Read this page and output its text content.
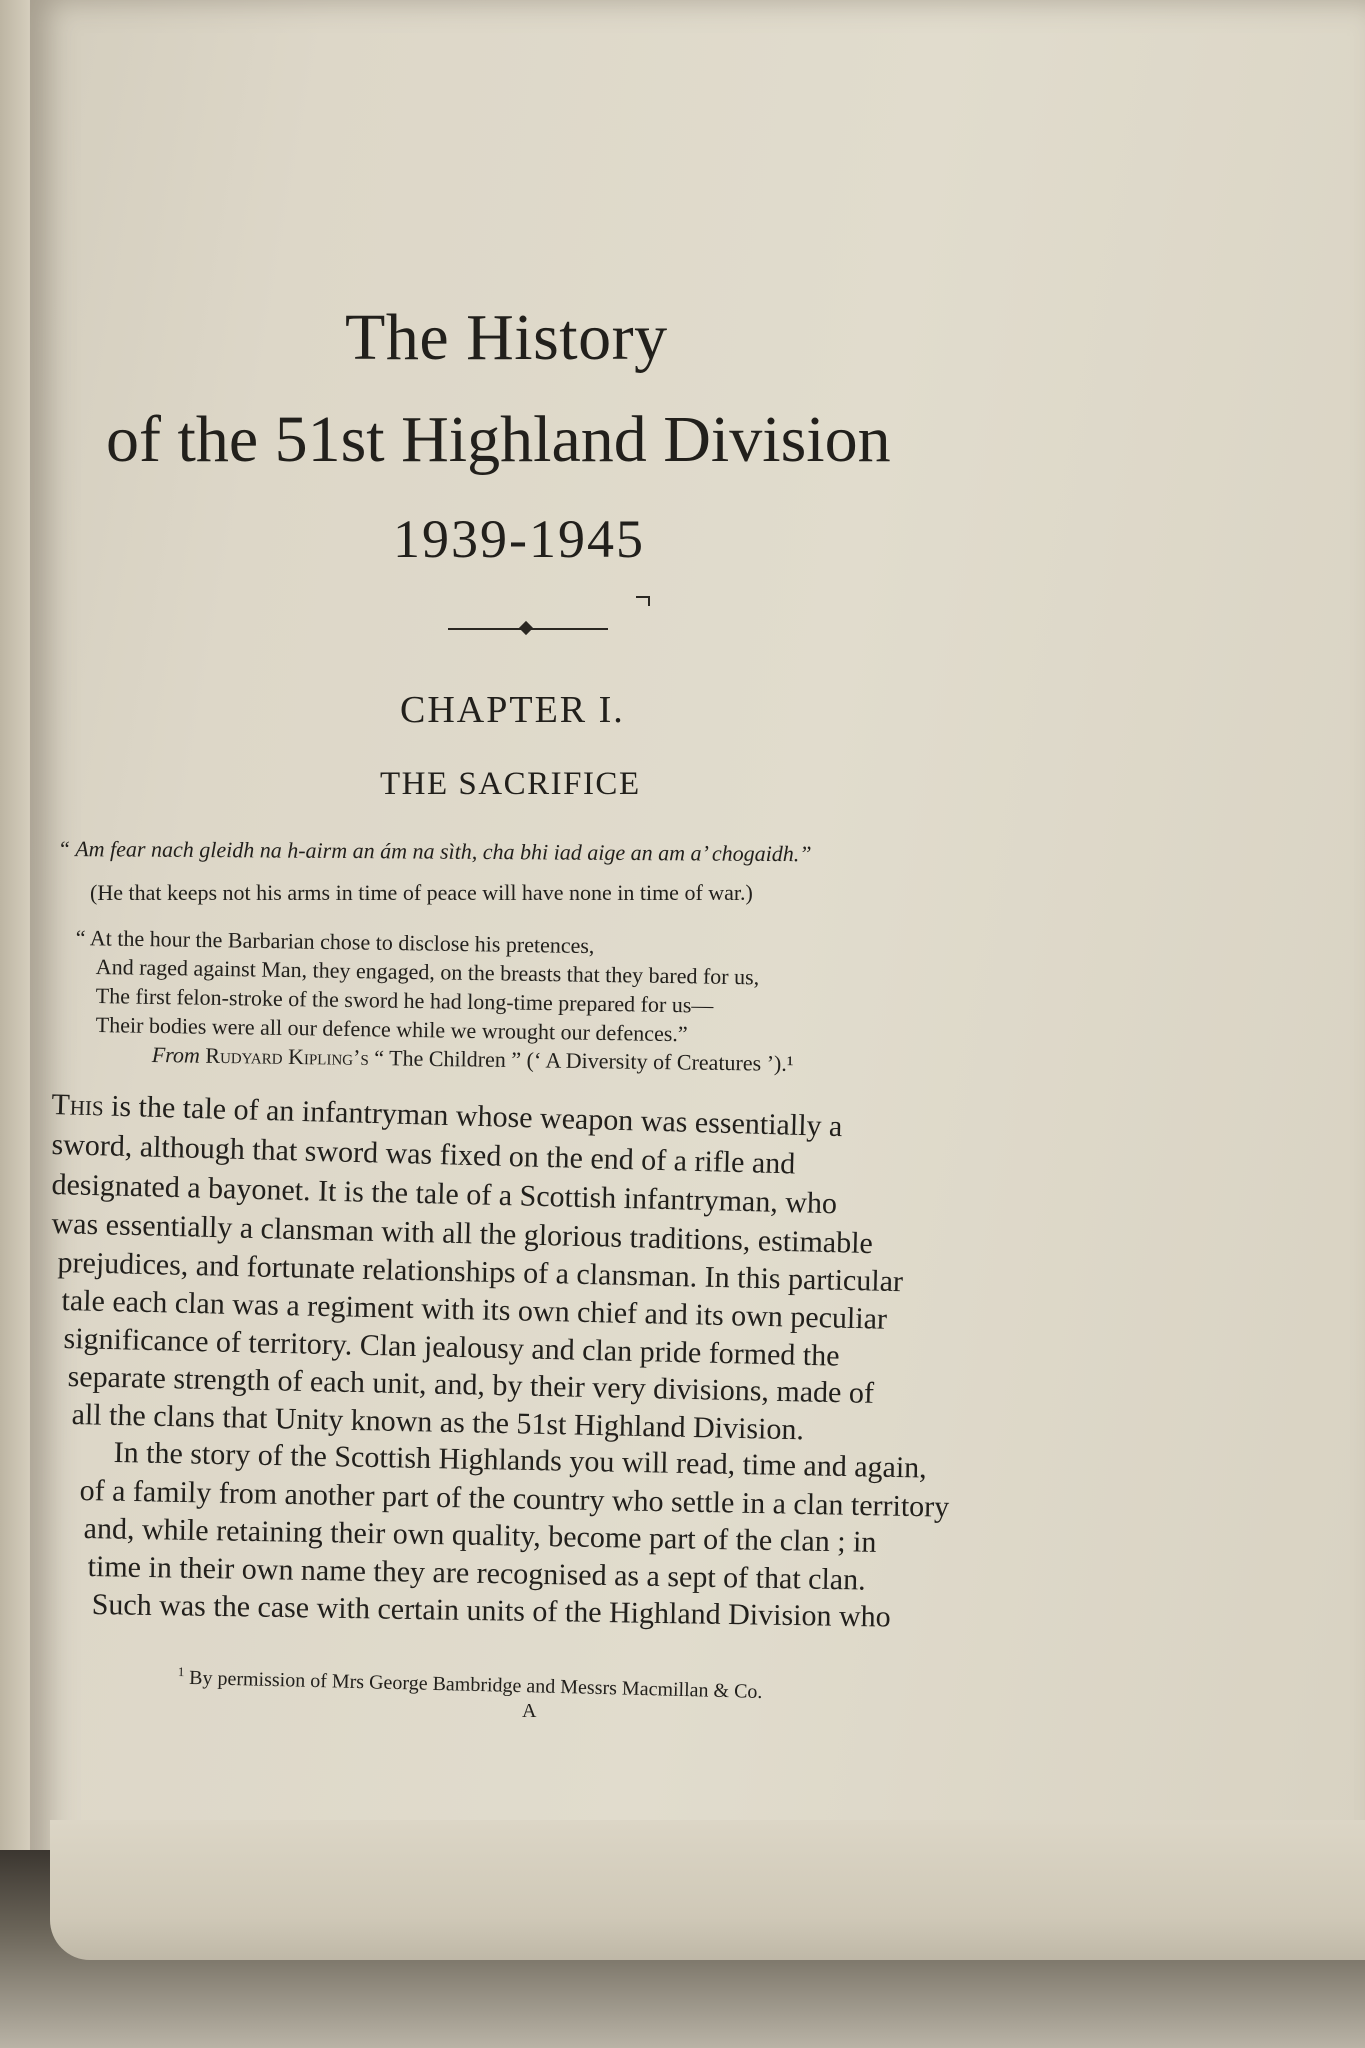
The History
of the 51st Highland Division
1939-1945
CHAPTER I.
THE SACRIFICE
“ Am fear nach gleidh na h-airm an ám na sìth, cha bhi iad aige an am a’ chogaidh.”
(He that keeps not his arms in time of peace will have none in time of war.)
“ At the hour the Barbarian chose to disclose his pretences,
And raged against Man, they engaged, on the breasts that they bared for us,
The first felon-stroke of the sword he had long-time prepared for us—
Their bodies were all our defence while we wrought our defences.”
From Rudyard Kipling’s “ The Children ” (‘ A Diversity of Creatures ’).¹
This is the tale of an infantryman whose weapon was essentially a
sword, although that sword was fixed on the end of a rifle and
designated a bayonet. It is the tale of a Scottish infantryman, who
was essentially a clansman with all the glorious traditions, estimable
prejudices, and fortunate relationships of a clansman. In this particular
tale each clan was a regiment with its own chief and its own peculiar
significance of territory. Clan jealousy and clan pride formed the
separate strength of each unit, and, by their very divisions, made of
all the clans that Unity known as the 51st Highland Division.
In the story of the Scottish Highlands you will read, time and again,
of a family from another part of the country who settle in a clan territory
and, while retaining their own quality, become part of the clan ; in
time in their own name they are recognised as a sept of that clan.
Such was the case with certain units of the Highland Division who
$^1$ By permission of Mrs George Bambridge and Messrs Macmillan & Co.
A
